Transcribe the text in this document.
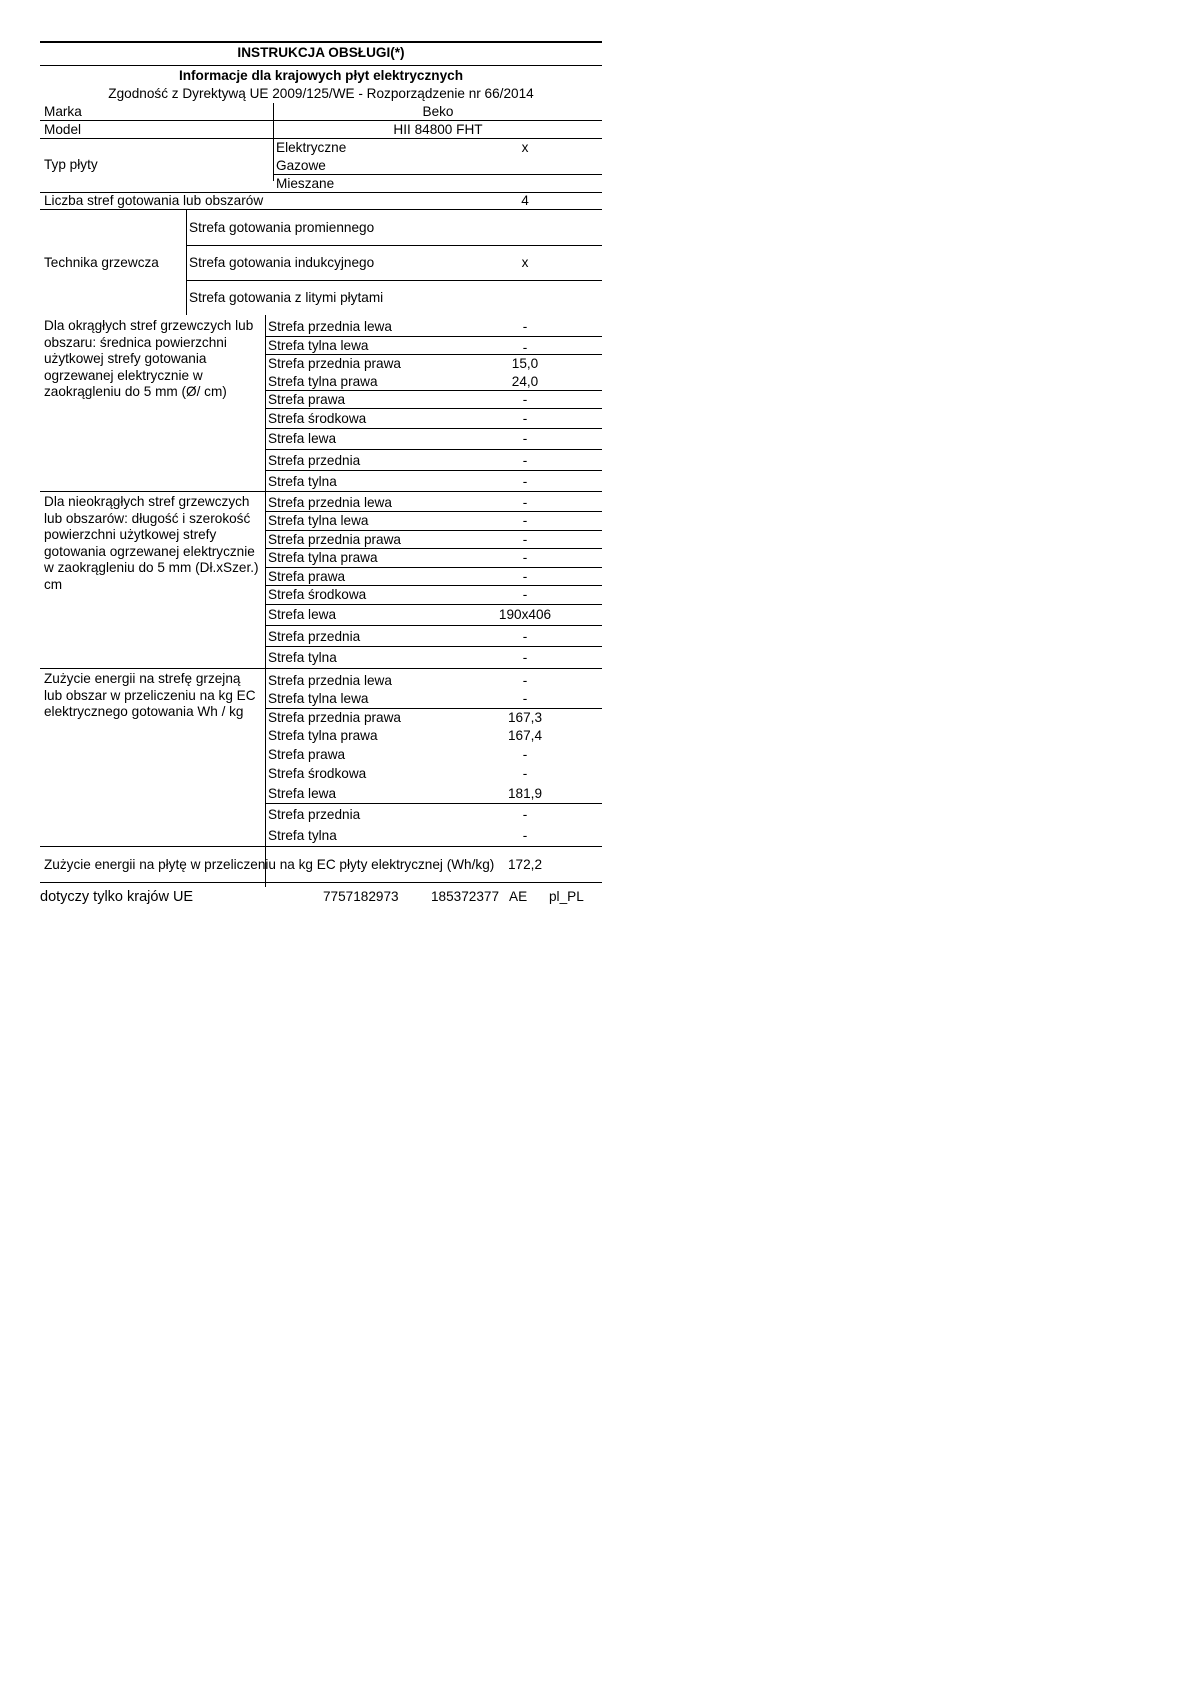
INSTRUKCJA OBSŁUGI(*)
Informacje dla krajowych płyt elektrycznych
Zgodność z Dyrektywą UE 2009/125/WE - Rozporządzenie nr 66/2014
Marka	Beko
Model	HII 84800 FHT
Typ płyty
Elektryczne	x
Gazowe
Mieszane
Liczba stref gotowania lub obszarów	4
Technika grzewcza
Strefa gotowania promiennego
Strefa gotowania indukcyjnego	x
Strefa gotowania z litymi płytami
Dla okrągłych stref grzewczych lub obszaru: średnica powierzchni użytkowej strefy gotowania ogrzewanej elektrycznie w zaokrągleniu do 5 mm (Ø/ cm)
Strefa przednia lewa	-
Strefa tylna lewa	-
Strefa przednia prawa	15,0
Strefa tylna prawa	24,0
Strefa prawa	-
Strefa środkowa	-
Strefa lewa	-
Strefa przednia	-
Strefa tylna	-
Dla nieokrągłych stref grzewczych lub obszarów: długość i szerokość powierzchni użytkowej strefy gotowania ogrzewanej elektrycznie w zaokrągleniu do 5 mm (Dł.xSzer.) cm
Strefa przednia lewa	-
Strefa tylna lewa	-
Strefa przednia prawa	-
Strefa tylna prawa	-
Strefa prawa	-
Strefa środkowa	-
Strefa lewa	190x406
Strefa przednia	-
Strefa tylna	-
Zużycie energii na strefę grzejną lub obszar w przeliczeniu na kg EC elektrycznego gotowania Wh / kg
Strefa przednia lewa	-
Strefa tylna lewa	-
Strefa przednia prawa	167,3
Strefa tylna prawa	167,4
Strefa prawa	-
Strefa środkowa	-
Strefa lewa	181,9
Strefa przednia	-
Strefa tylna	-
Zużycie energii na płytę w przeliczeniu na kg EC płyty elektrycznej (Wh/kg)	172,2
dotyczy tylko krajów UE	7757182973 185372377 AE pl_PL
